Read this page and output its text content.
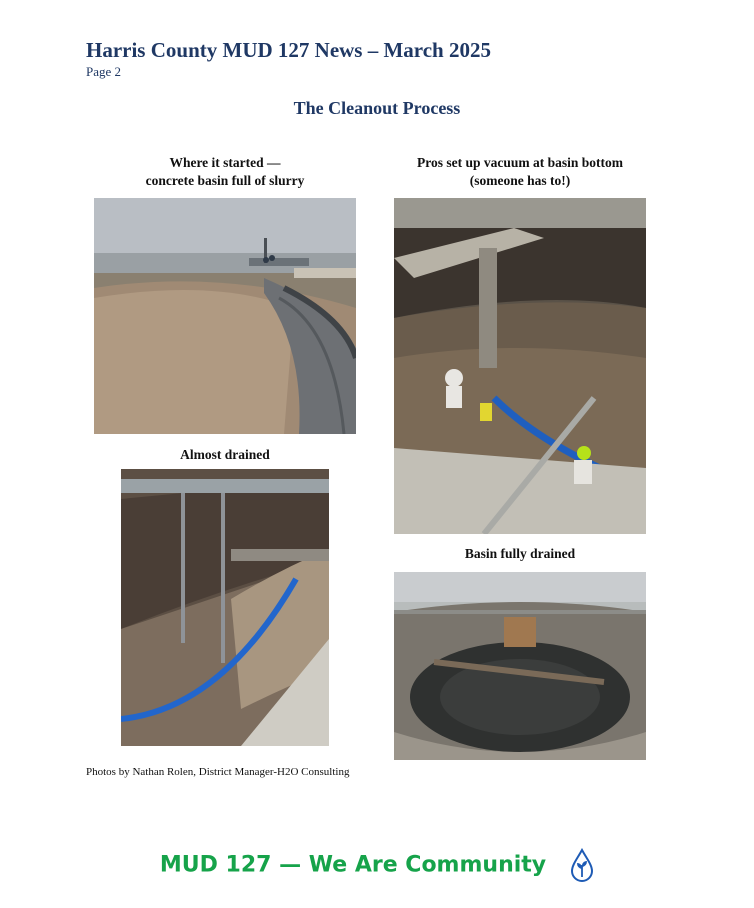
Harris County MUD 127 News – March 2025
Page 2
The Cleanout Process
Where it started —
concrete basin full of slurry
Pros set up vacuum at basin bottom
(someone has to!)
Almost drained
Basin fully drained
Photos by Nathan Rolen, District Manager-H2O Consulting
MUD 127 — We Are Community
